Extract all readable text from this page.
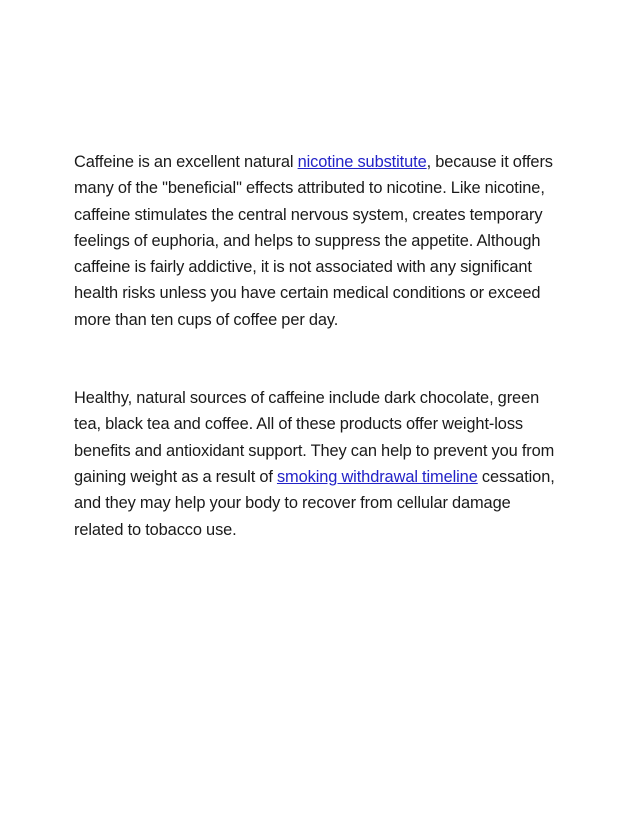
Caffeine is an excellent natural nicotine substitute, because it offers many of the "beneficial" effects attributed to nicotine. Like nicotine, caffeine stimulates the central nervous system, creates temporary feelings of euphoria, and helps to suppress the appetite. Although caffeine is fairly addictive, it is not associated with any significant health risks unless you have certain medical conditions or exceed more than ten cups of coffee per day.

Healthy, natural sources of caffeine include dark chocolate, green tea, black tea and coffee. All of these products offer weight-loss benefits and antioxidant support. They can help to prevent you from gaining weight as a result of smoking withdrawal timeline cessation, and they may help your body to recover from cellular damage related to tobacco use.
